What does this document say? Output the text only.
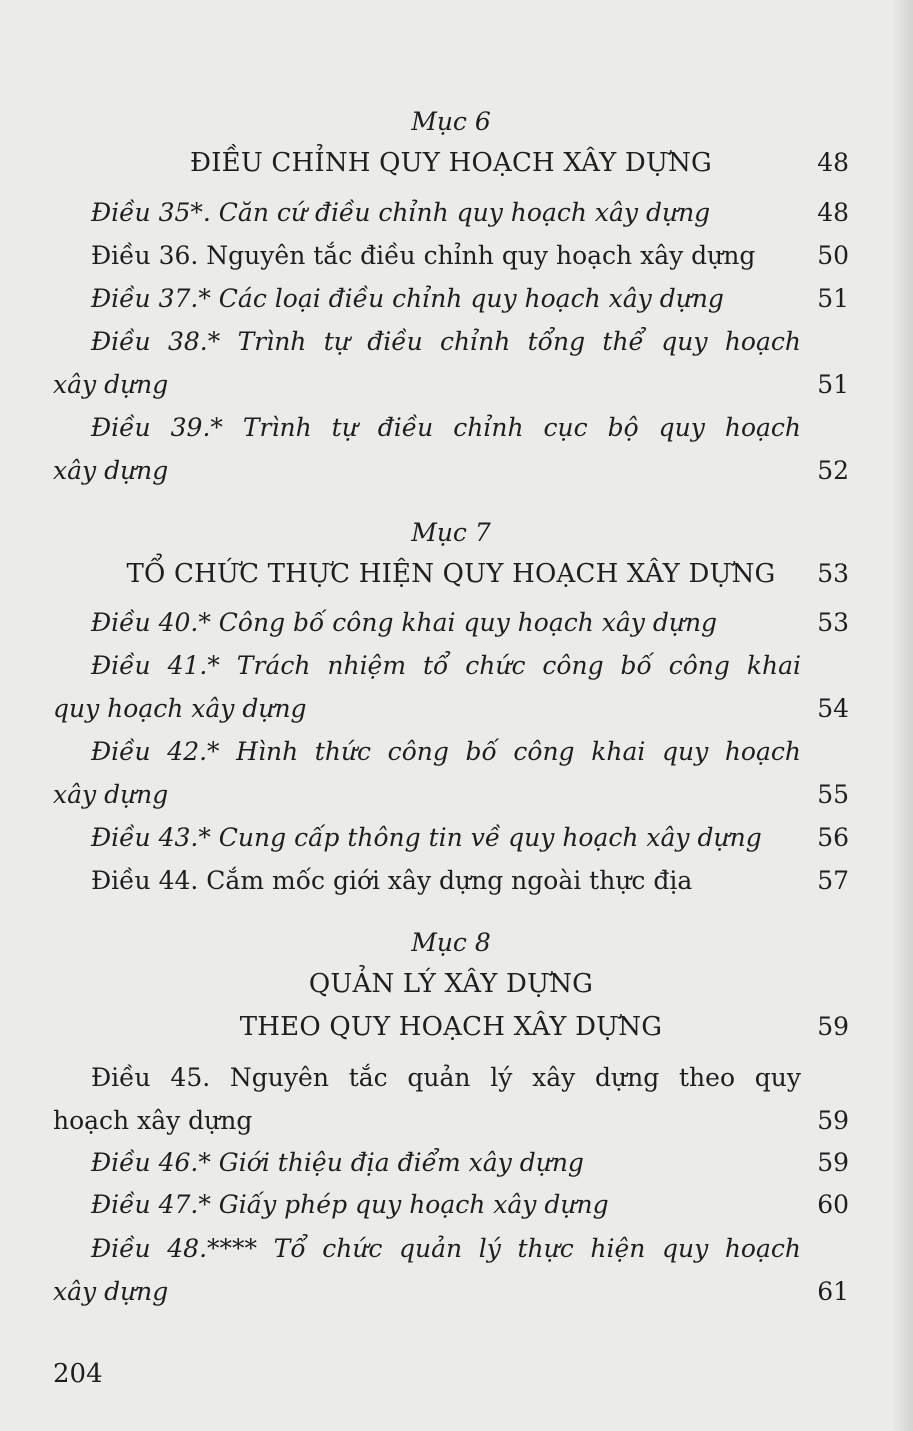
Mục 6
ĐIỀU CHỈNH QUY HOẠCH XÂY DỰNG	48
Điều 35*. Căn cứ điều chỉnh quy hoạch xây dựng	48
Điều 36. Nguyên tắc điều chỉnh quy hoạch xây dựng 50
Điều 37.* Các loại điều chỉnh quy hoạch xây dựng	51
Điều 38.* Trình tự điều chỉnh tổng thể quy hoạch
xây dựng	51
Điều 39.* Trình tự điều chỉnh cục bộ quy hoạch
xây dựng	52
Mục 7
TỔ CHỨC THỰC HIỆN QUY HOẠCH XÂY DỰNG	53
Điều 40.* Công bố công khai quy hoạch xây dựng	53
Điều 41.* Trách nhiệm tổ chức công bố công khai
quy hoạch xây dựng	54
Điều 42.* Hình thức công bố công khai quy hoạch
xây dựng	55
Điều 43.* Cung cấp thông tin về quy hoạch xây dựng 56
Điều 44. Cắm mốc giới xây dựng ngoài thực địa	57
Mục 8
QUẢN LÝ XÂY DỰNG
THEO QUY HOẠCH XÂY DỰNG	59
Điều 45. Nguyên tắc quản lý xây dựng theo quy
hoạch xây dựng	59
Điều 46.* Giới thiệu địa điểm xây dựng	59
Điều 47.* Giấy phép quy hoạch xây dựng	60
Điều 48.**** Tổ chức quản lý thực hiện quy hoạch
xây dựng	61
204
